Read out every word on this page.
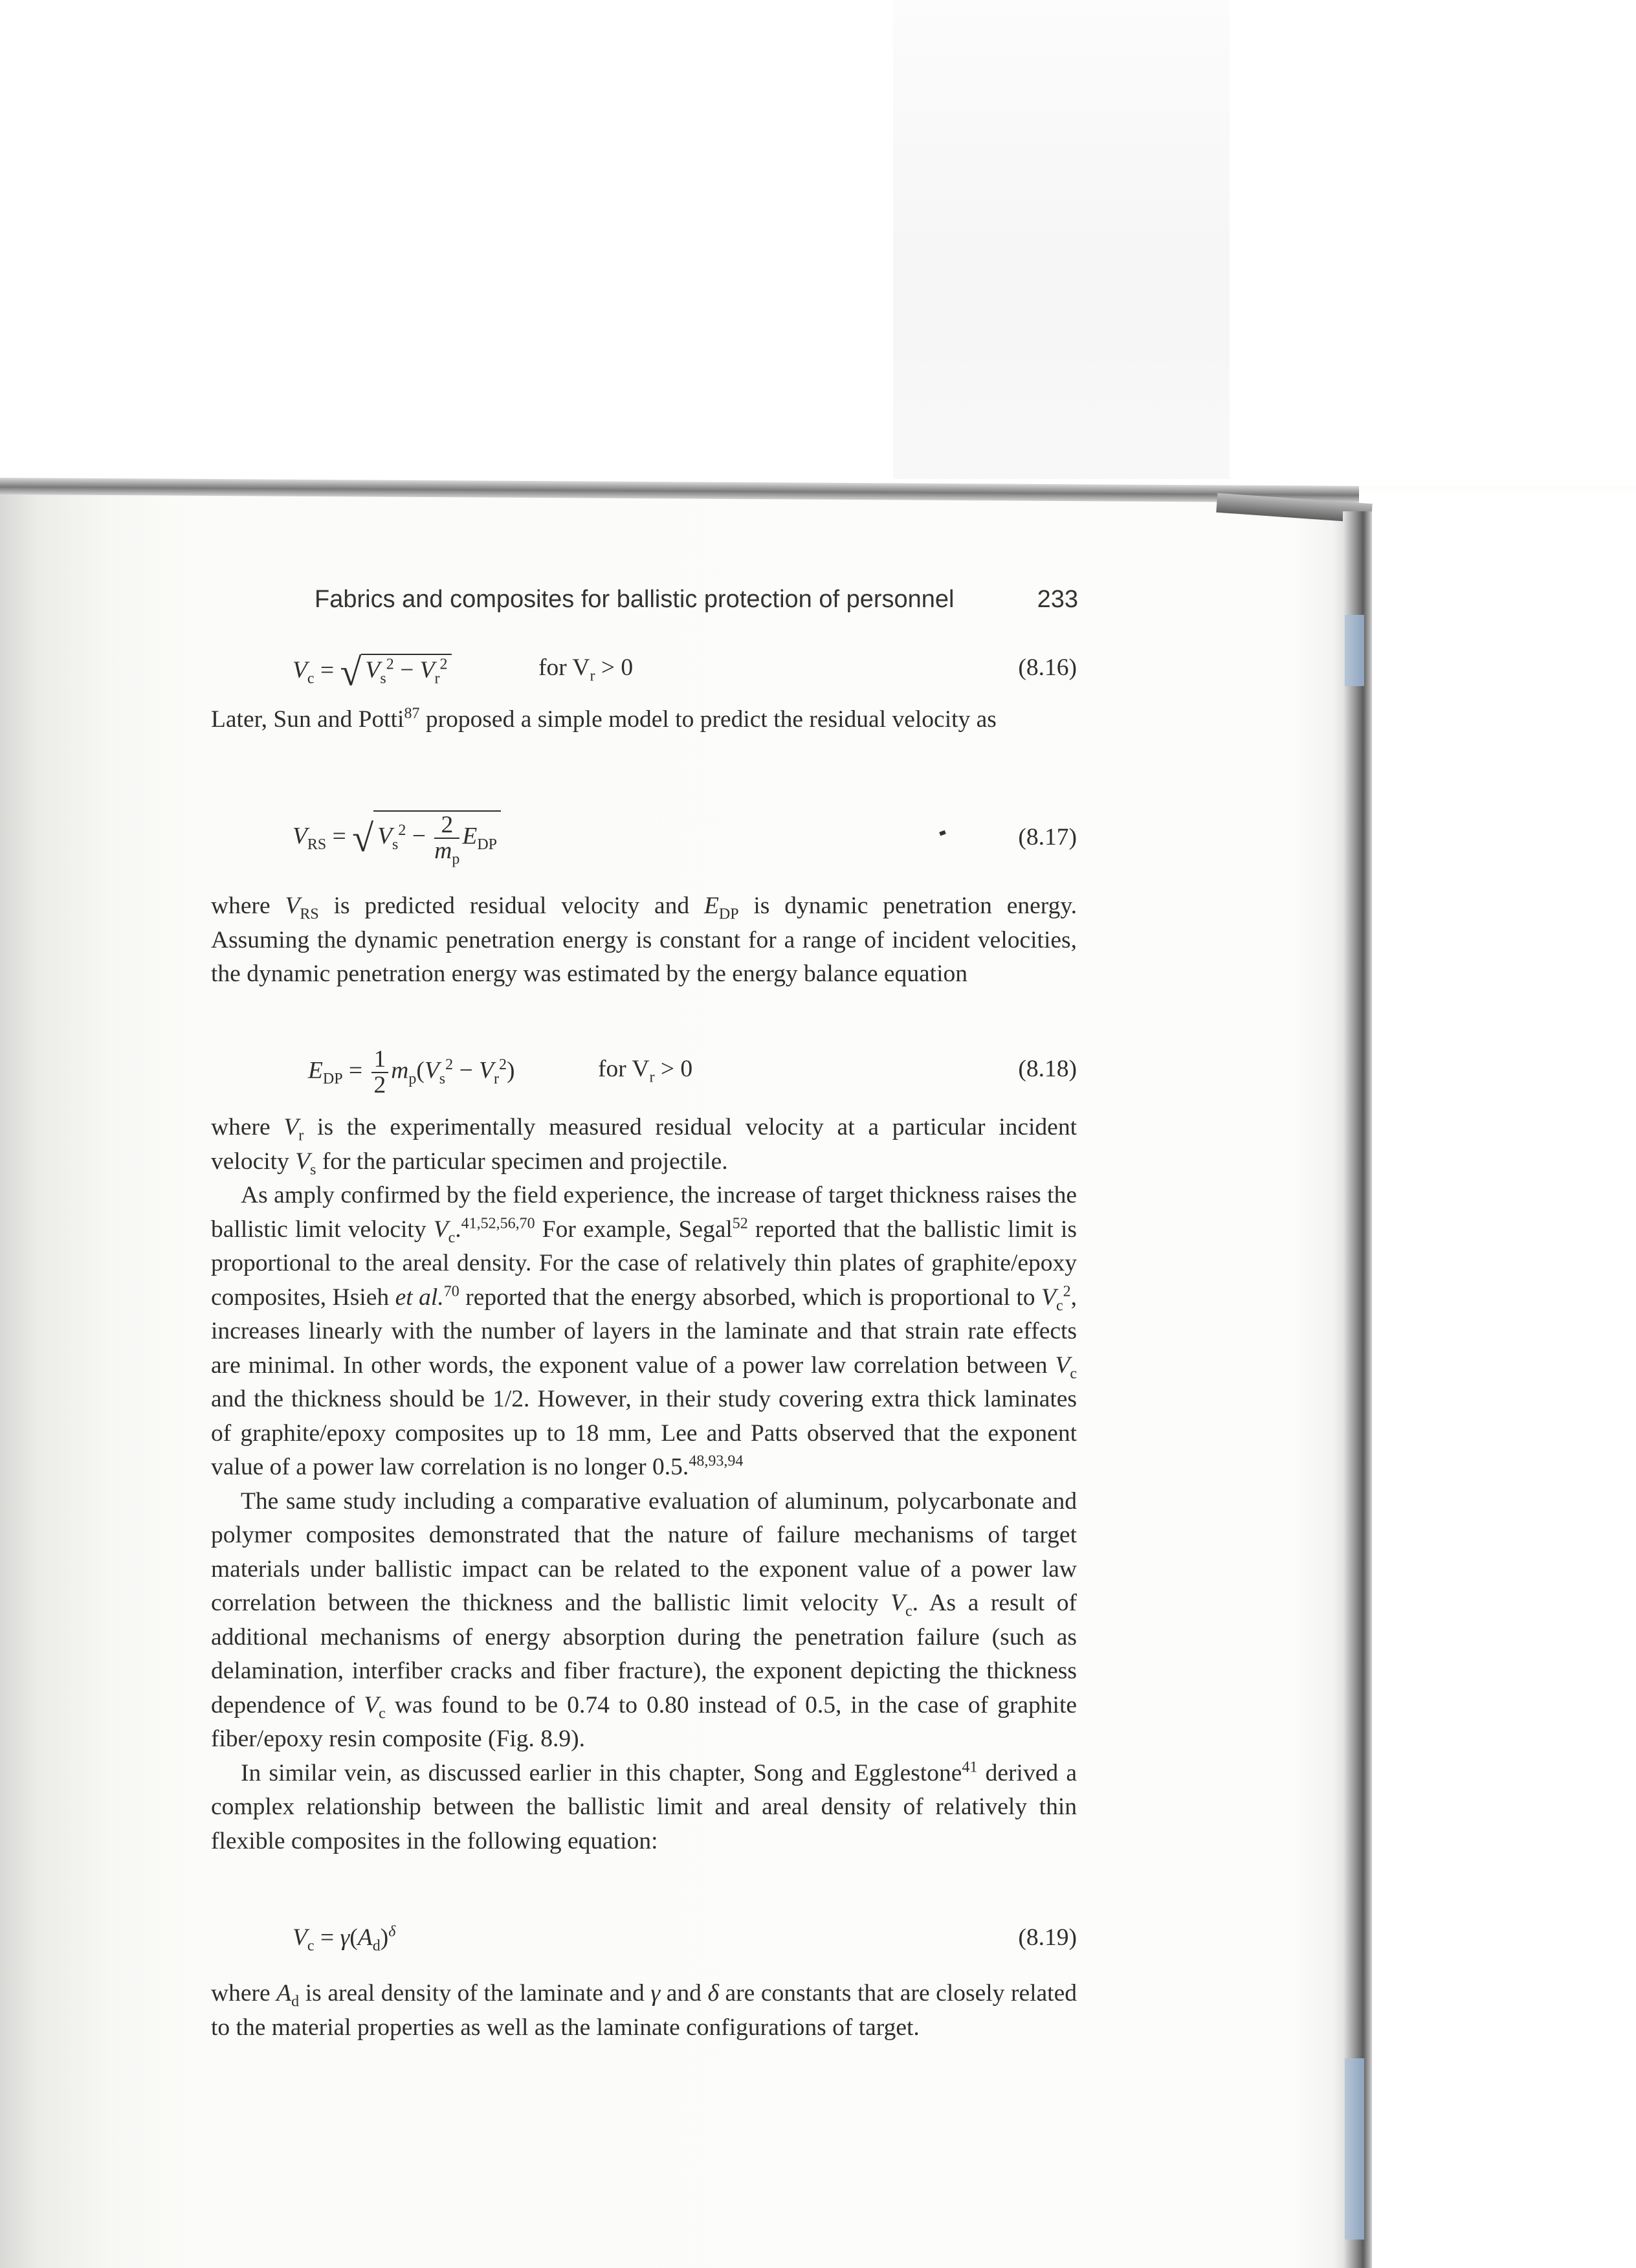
Fabrics and composites for ballistic protection of personnel	233
$V_c$ = √ $V_s^2 - V_r^2$	for $V_r > 0$	(8.16)

Later, Sun and Potti$^{87}$ proposed a simple model to predict the residual velocity as

$V_{RS}$ = √ $V_s^2 - \frac{2}{m_p} E_{DP}$	(8.17)

where $V_{RS}$ is predicted residual velocity and $E_{DP}$ is dynamic penetration energy. Assuming the dynamic penetration energy is constant for a range of incident velocities, the dynamic penetration energy was estimated by the energy balance equation

$E_{DP} = \frac{1}{2} m_p(V_s^2 - V_r^2)$	for $V_r > 0$	(8.18)

where $V_r$ is the experimentally measured residual velocity at a particular incident velocity $V_s$ for the particular specimen and projectile.

As amply confirmed by the field experience, the increase of target thickness raises the ballistic limit velocity $V_c.^{41,52,56,70}$ For example, Segal$^{52}$ reported that the ballistic limit is proportional to the areal density. For the case of relatively thin plates of graphite/epoxy composites, Hsieh et al.$^{70}$ reported that the energy absorbed, which is proportional to $V_c^2$, increases linearly with the number of layers in the laminate and that strain rate effects are minimal. In other words, the exponent value of a power law correlation between $V_c$ and the thickness should be 1/2. However, in their study covering extra thick laminates of graphite/epoxy composites up to 18 mm, Lee and Patts observed that the exponent value of a power law correlation is no longer 0.5.$^{48,93,94}$

The same study including a comparative evaluation of aluminum, polycarbonate and polymer composites demonstrated that the nature of failure mechanisms of target materials under ballistic impact can be related to the exponent value of a power law correlation between the thickness and the ballistic limit velocity $V_c$. As a result of additional mechanisms of energy absorption during the penetration failure (such as delamination, interfiber cracks and fiber fracture), the exponent depicting the thickness dependence of $V_c$ was found to be 0.74 to 0.80 instead of 0.5, in the case of graphite fiber/epoxy resin composite (Fig. 8.9).

In similar vein, as discussed earlier in this chapter, Song and Egglestone$^{41}$ derived a complex relationship between the ballistic limit and areal density of relatively thin flexible composites in the following equation:

$V_c = \gamma(A_d)^\delta$	(8.19)

where $A_d$ is areal density of the laminate and γ and δ are constants that are closely related to the material properties as well as the laminate configurations of target.
